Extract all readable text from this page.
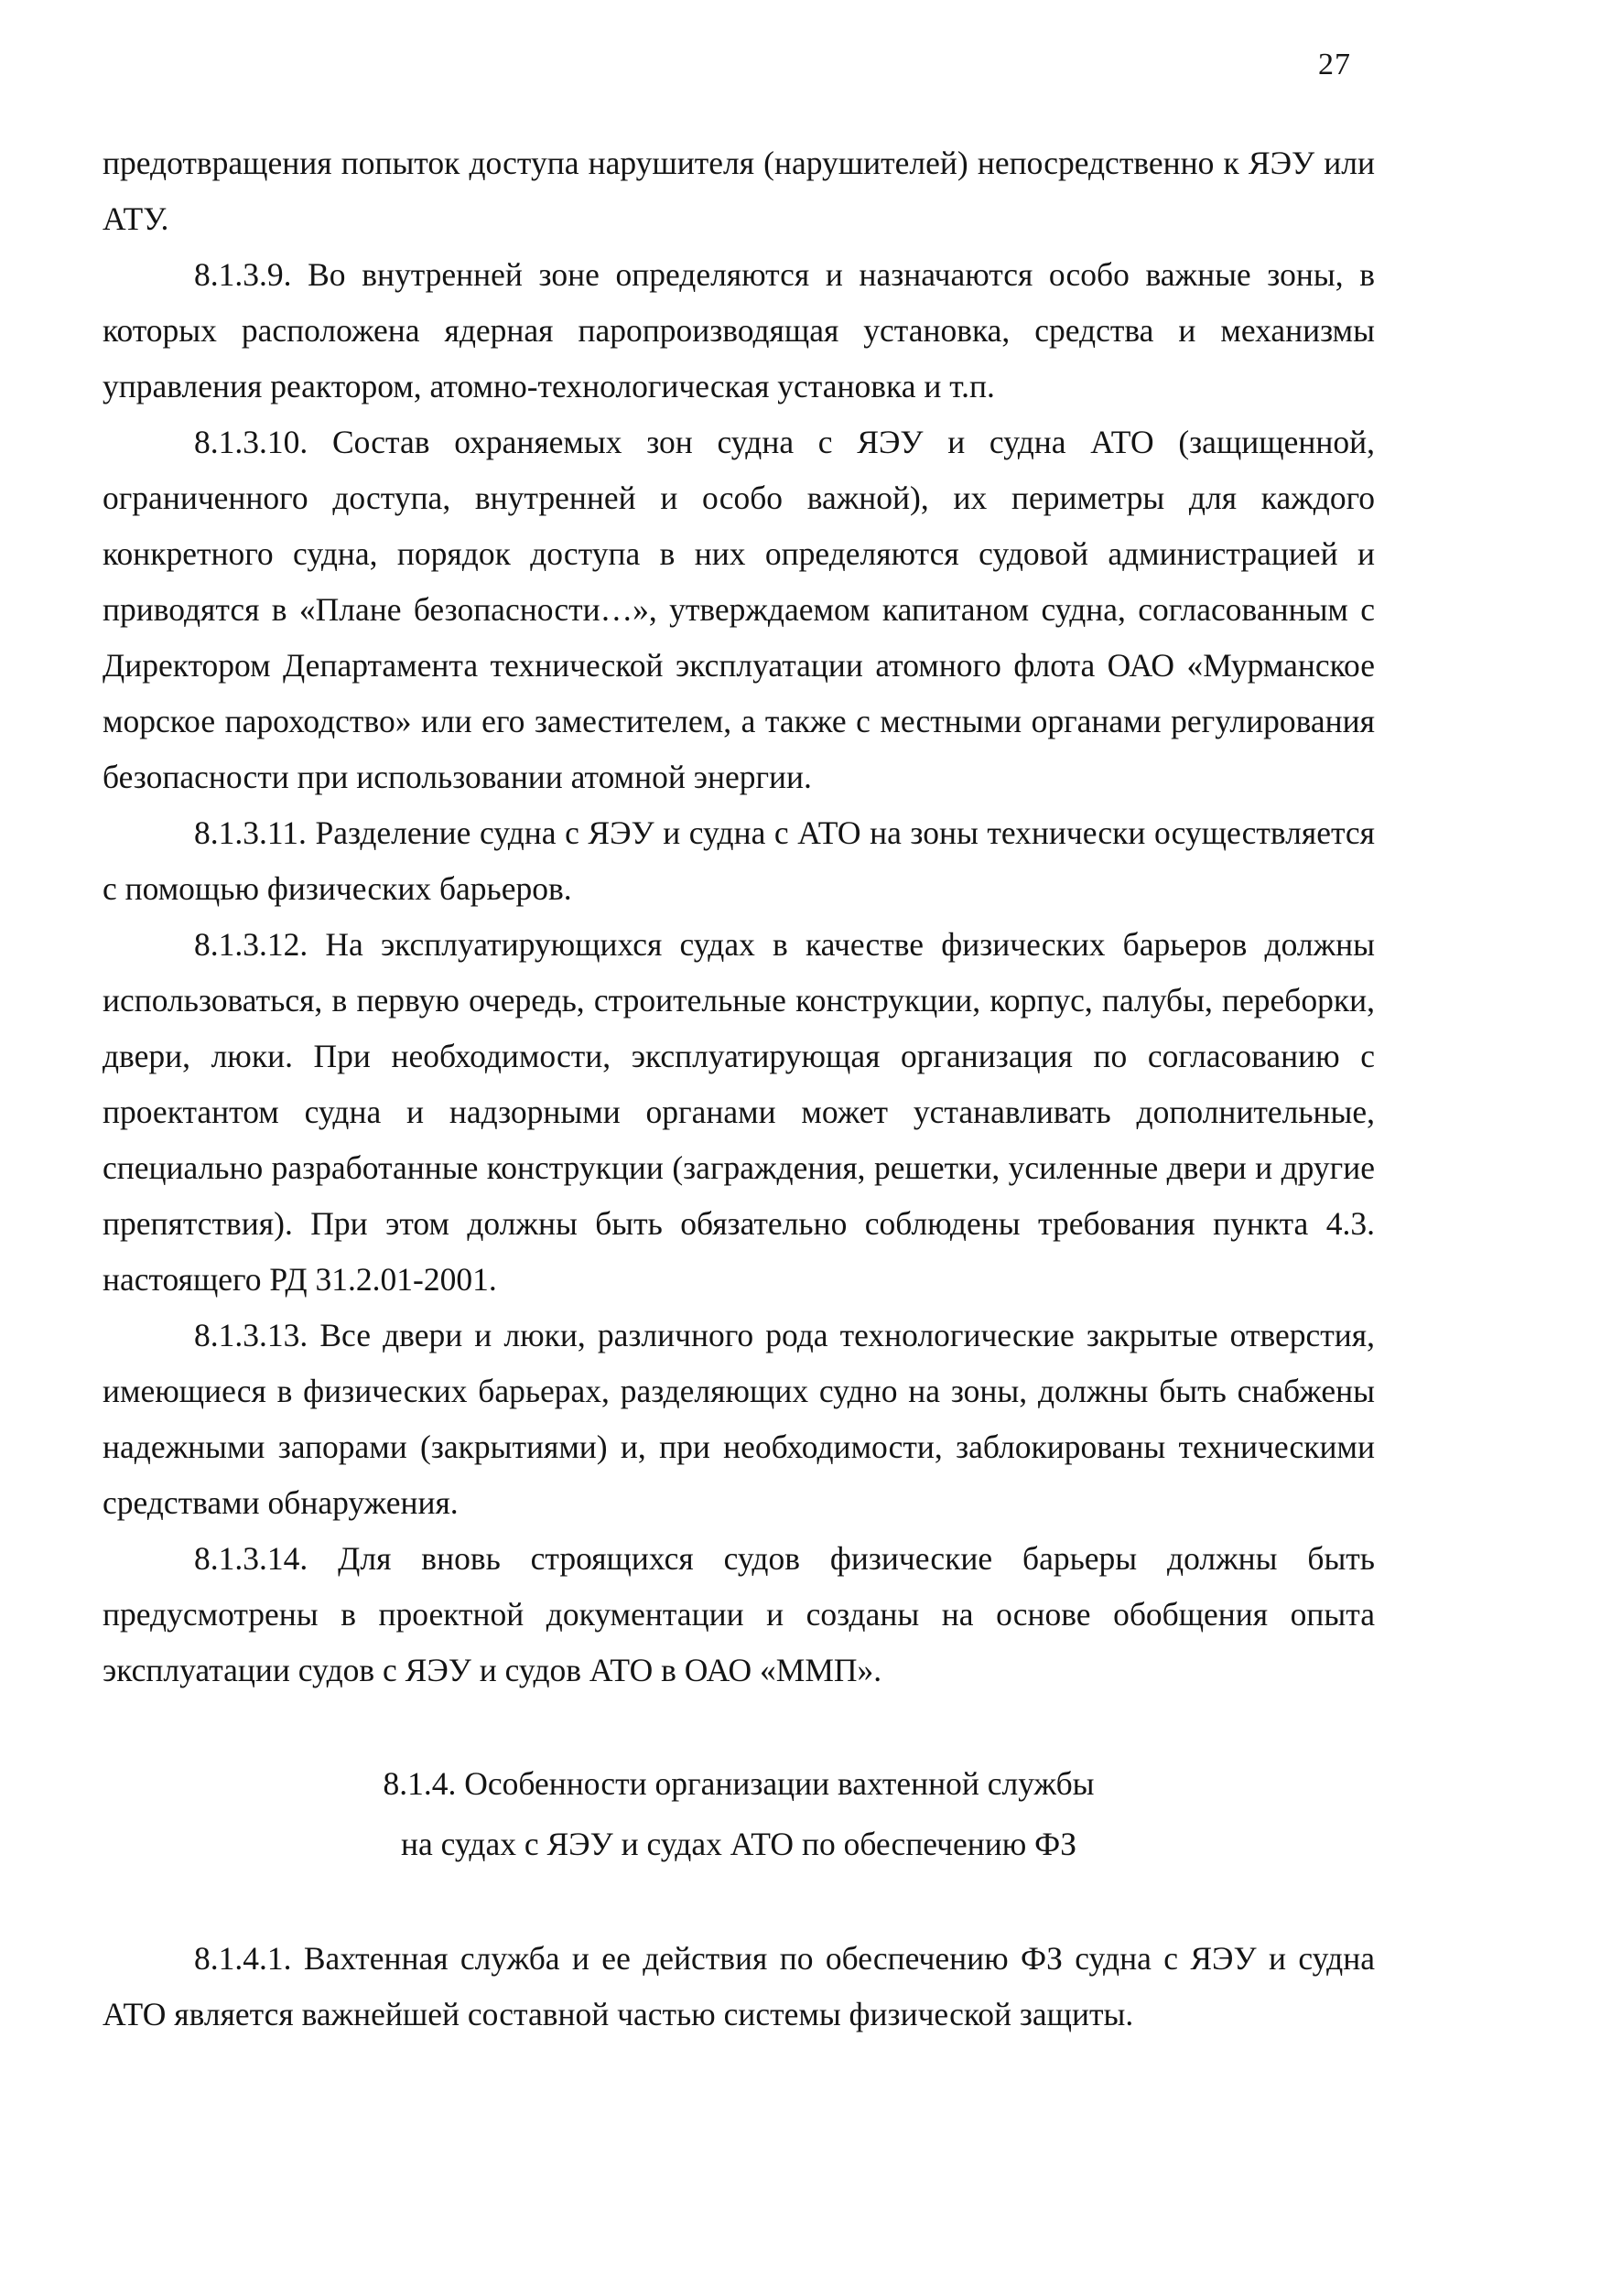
27

предотвращения попыток доступа нарушителя (нарушителей) непосредственно к ЯЭУ или АТУ.

8.1.3.9. Во внутренней зоне определяются и назначаются особо важные зоны, в которых расположена ядерная паропроизводящая установка, средства и механизмы управления реактором, атомно-технологическая установка и т.п.

8.1.3.10. Состав охраняемых зон судна с ЯЭУ и судна АТО (защищенной, ограниченного доступа, внутренней и особо важной), их периметры для каждого конкретного судна, порядок доступа в них определяются судовой администрацией и приводятся в «Плане безопасности…», утверждаемом капитаном судна, согласованным с Директором Департамента технической эксплуатации атомного флота ОАО «Мурманское морское пароходство» или его заместителем, а также с местными органами регулирования безопасности при использовании атомной энергии.

8.1.3.11. Разделение судна с ЯЭУ и судна с АТО на зоны технически осуществляется с помощью физических барьеров.

8.1.3.12. На эксплуатирующихся судах в качестве физических барьеров должны использоваться, в первую очередь, строительные конструкции, корпус, палубы, переборки, двери, люки. При необходимости, эксплуатирующая организация по согласованию с проектантом судна и надзорными органами может устанавливать дополнительные, специально разработанные конструкции (заграждения, решетки, усиленные двери и другие препятствия). При этом должны быть обязательно соблюдены требования пункта 4.3. настоящего РД 31.2.01-2001.

8.1.3.13. Все двери и люки, различного рода технологические закрытые отверстия, имеющиеся в физических барьерах, разделяющих судно на зоны, должны быть снабжены надежными запорами (закрытиями) и, при необходимости, заблокированы техническими средствами обнаружения.

8.1.3.14. Для вновь строящихся судов физические барьеры должны быть предусмотрены в проектной документации и созданы на основе обобщения опыта эксплуатации судов с ЯЭУ и судов АТО в ОАО «ММП».

8.1.4. Особенности организации вахтенной службы
на судах с ЯЭУ и судах АТО по обеспечению ФЗ

8.1.4.1. Вахтенная служба и ее действия по обеспечению ФЗ судна с ЯЭУ и судна АТО является важнейшей составной частью системы физической защиты.
